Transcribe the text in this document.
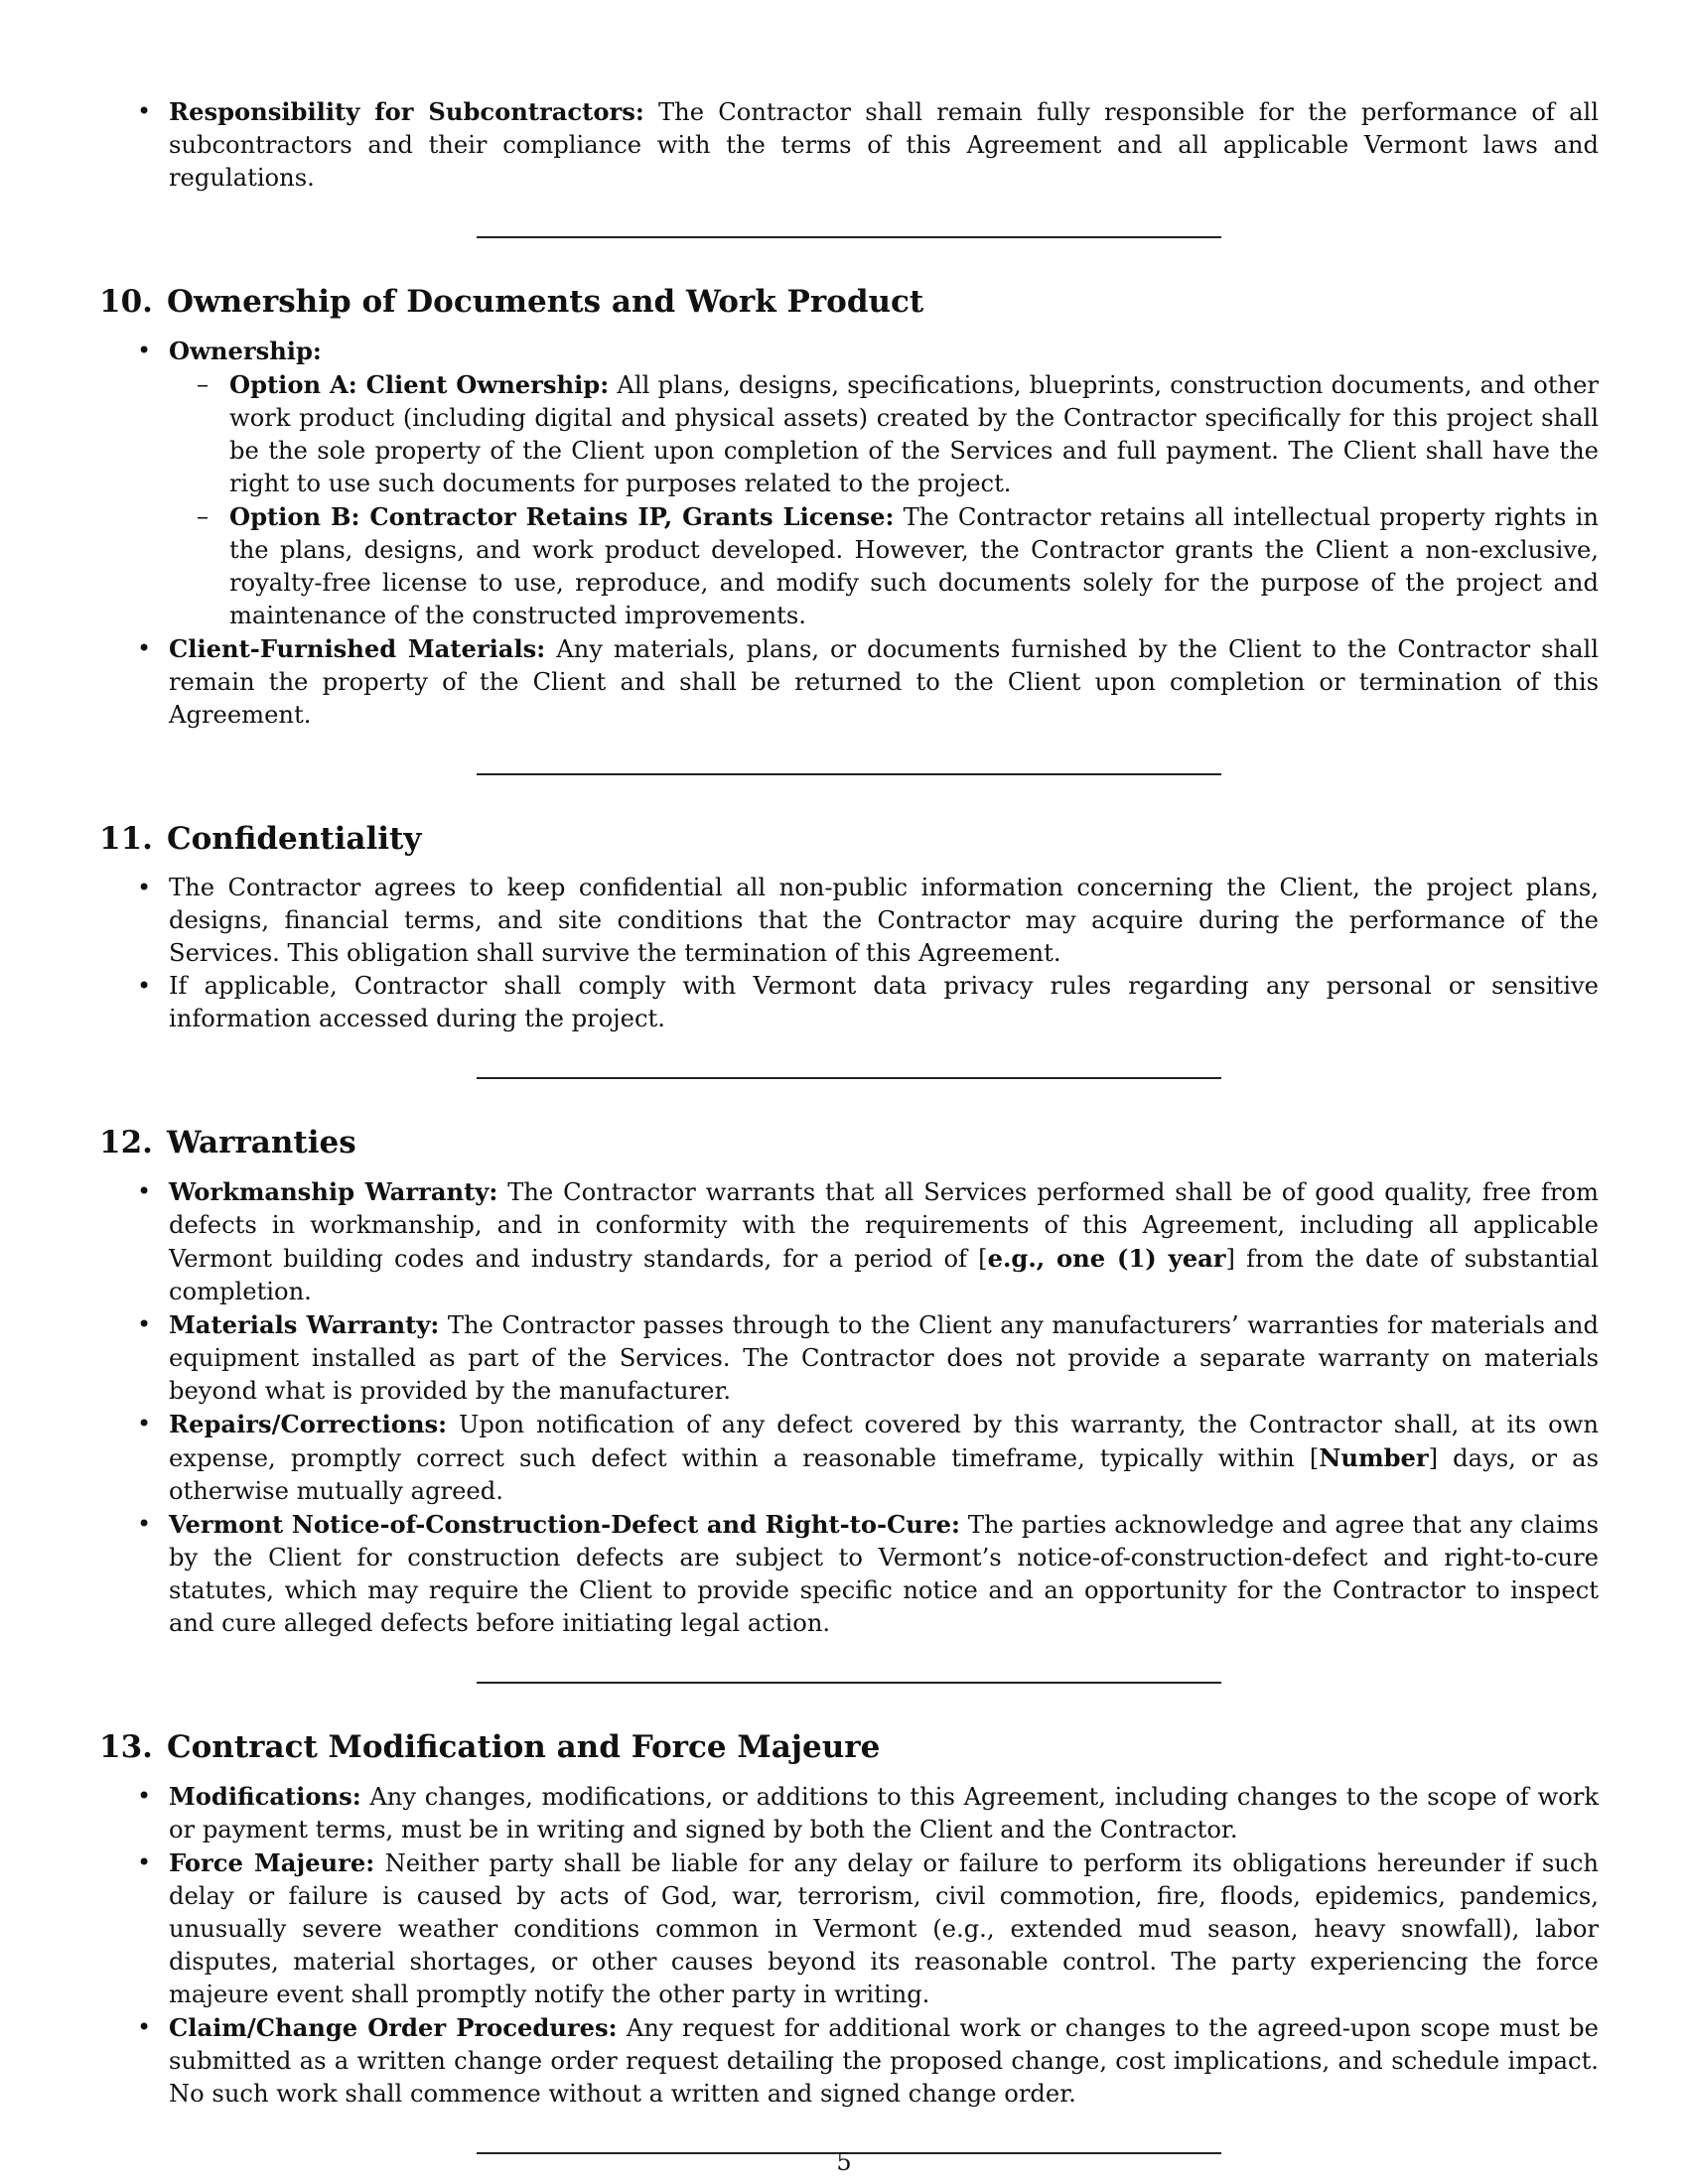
• Responsibility for Subcontractors: The Contractor shall remain fully responsible for the performance of all subcontractors and their compliance with the terms of this Agreement and all applicable Vermont laws and regulations.
10. Ownership of Documents and Work Product
• Ownership:
– Option A: Client Ownership: All plans, designs, specifications, blueprints, construction documents, and other work product (including digital and physical assets) created by the Contractor specifically for this project shall be the sole property of the Client upon completion of the Services and full payment. The Client shall have the right to use such documents for purposes related to the project.
– Option B: Contractor Retains IP, Grants License: The Contractor retains all intellectual property rights in the plans, designs, and work product developed. However, the Contractor grants the Client a non-exclusive, royalty-free license to use, reproduce, and modify such documents solely for the purpose of the project and maintenance of the constructed improvements.
• Client-Furnished Materials: Any materials, plans, or documents furnished by the Client to the Contractor shall remain the property of the Client and shall be returned to the Client upon completion or termination of this Agreement.
11. Confidentiality
• The Contractor agrees to keep confidential all non-public information concerning the Client, the project plans, designs, financial terms, and site conditions that the Contractor may acquire during the performance of the Services. This obligation shall survive the termination of this Agreement.
• If applicable, Contractor shall comply with Vermont data privacy rules regarding any personal or sensitive information accessed during the project.
12. Warranties
• Workmanship Warranty: The Contractor warrants that all Services performed shall be of good quality, free from defects in workmanship, and in conformity with the requirements of this Agreement, including all applicable Vermont building codes and industry standards, for a period of [e.g., one (1) year] from the date of substantial completion.
• Materials Warranty: The Contractor passes through to the Client any manufacturers’ warranties for materials and equipment installed as part of the Services. The Contractor does not provide a separate warranty on materials beyond what is provided by the manufacturer.
• Repairs/Corrections: Upon notification of any defect covered by this warranty, the Contractor shall, at its own expense, promptly correct such defect within a reasonable timeframe, typically within [Number] days, or as otherwise mutually agreed.
• Vermont Notice-of-Construction-Defect and Right-to-Cure: The parties acknowledge and agree that any claims by the Client for construction defects are subject to Vermont’s notice-of-construction-defect and right-to-cure statutes, which may require the Client to provide specific notice and an opportunity for the Contractor to inspect and cure alleged defects before initiating legal action.
13. Contract Modification and Force Majeure
• Modifications: Any changes, modifications, or additions to this Agreement, including changes to the scope of work or payment terms, must be in writing and signed by both the Client and the Contractor.
• Force Majeure: Neither party shall be liable for any delay or failure to perform its obligations hereunder if such delay or failure is caused by acts of God, war, terrorism, civil commotion, fire, floods, epidemics, pandemics, unusually severe weather conditions common in Vermont (e.g., extended mud season, heavy snowfall), labor disputes, material shortages, or other causes beyond its reasonable control. The party experiencing the force majeure event shall promptly notify the other party in writing.
• Claim/Change Order Procedures: Any request for additional work or changes to the agreed-upon scope must be submitted as a written change order request detailing the proposed change, cost implications, and schedule impact. No such work shall commence without a written and signed change order.
5
